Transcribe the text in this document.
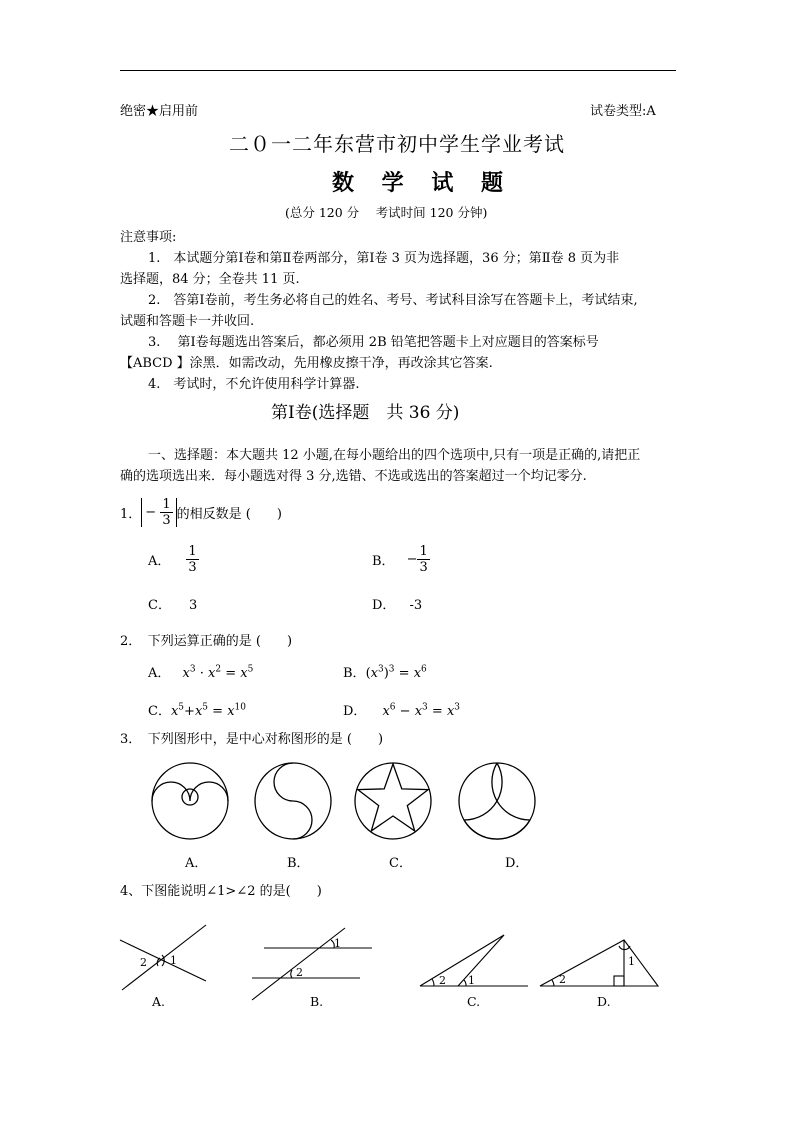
绝密★启用前	试卷类型:A
二０一二年东营市初中学生学业考试
数 学 试 题
(总分 120 分　 考试时间 120 分钟)
注意事项:
1.　本试题分第Ⅰ卷和第Ⅱ卷两部分，第Ⅰ卷 3 页为选择题，36 分；第Ⅱ卷 8 页为非
选择题，84 分；全卷共 11 页.
2.　答第Ⅰ卷前，考生务必将自己的姓名、考号、考试科目涂写在答题卡上，考试结束,
试题和答题卡一并收回.
3.　 第Ⅰ卷每题选出答案后，都必须用 2B 铅笔把答题卡上对应题目的答案标号
【ABCD 】涂黑．如需改动，先用橡皮擦干净，再改涂其它答案.
4.　考试时，不允许使用科学计算器.
第Ⅰ卷(选择题　共 36 分)
一、选择题：本大题共 12 小题,在每小题给出的四个选项中,只有一项是正确的,请把正
确的选项选出来．每小题选对得 3 分,选错、不选或选出的答案超过一个均记零分.
1． − $\frac{1}{3}$ 的相反数是 (　　)
A． $\frac{1}{3}$	B． − $\frac{1}{3}$
C． 3	D． -3
2．　下列运算正确的是 (　　)
A． $x^3 \cdot x^2 = x^5$	B．$(x^3)^3 = x^6$
C．$x^5+x^5 = x^{10}$	D． $x^6 - x^3 = x^3$
3．　下列图形中，是中心对称图形的是 (　　)
A．	B．	C．	D．
4、下图能说明∠1>∠2 的是(　　)
2 1
1
2
2 1	2
1
A.	B.	C.	D.
